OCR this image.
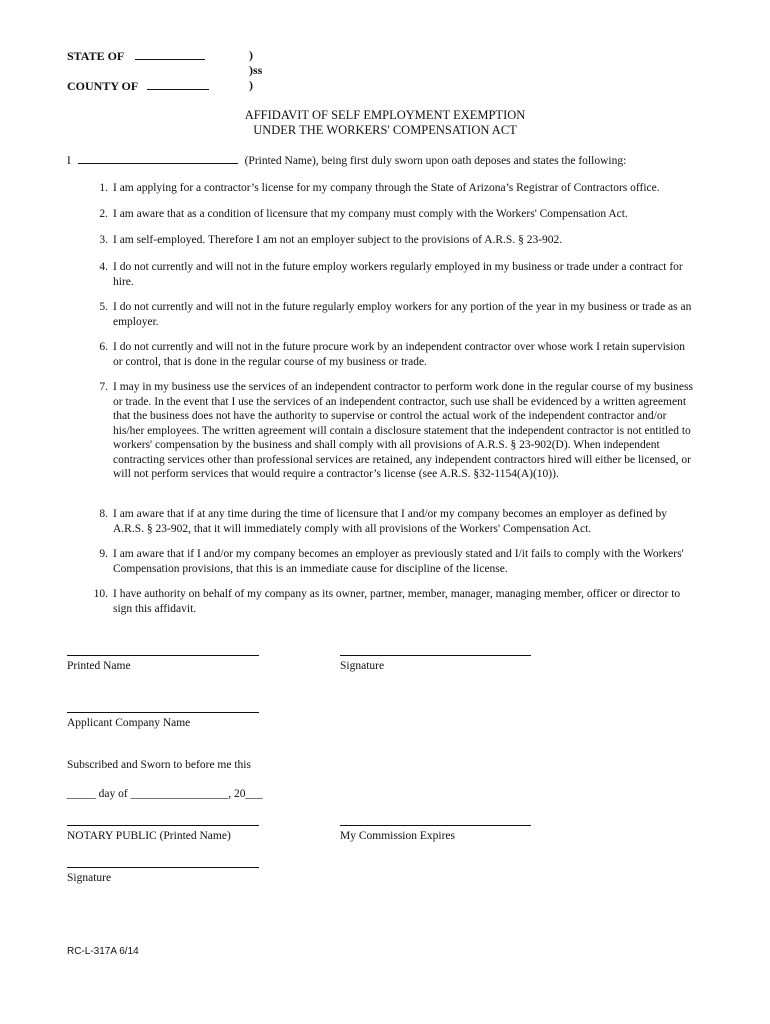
STATE OF
COUNTY OF
)
)ss
)
AFFIDAVIT OF SELF EMPLOYMENT EXEMPTION
UNDER THE WORKERS' COMPENSATION ACT
I	(Printed Name), being first duly sworn upon oath deposes and states the following:
1. I am applying for a contractor’s license for my company through the State of Arizona’s Registrar of Contractors office.
2. I am aware that as a condition of licensure that my company must comply with the Workers' Compensation Act.
3. I am self-employed. Therefore I am not an employer subject to the provisions of A.R.S. § 23-902.
4. I do not currently and will not in the future employ workers regularly employed in my business or trade under a contract for hire.
5. I do not currently and will not in the future regularly employ workers for any portion of the year in my business or trade as an employer.
6. I do not currently and will not in the future procure work by an independent contractor over whose work I retain supervision or control, that is done in the regular course of my business or trade.
7. I may in my business use the services of an independent contractor to perform work done in the regular course of my business or trade. In the event that I use the services of an independent contractor, such use shall be evidenced by a written agreement that the business does not have the authority to supervise or control the actual work of the independent contractor and/or his/her employees. The written agreement will contain a disclosure statement that the independent contractor is not entitled to workers' compensation by the business and shall comply with all provisions of A.R.S. § 23-902(D). When independent contracting services other than professional services are retained, any independent contractors hired will either be licensed, or will not perform services that would require a contractor’s license (see A.R.S. §32-1154(A)(10)).
8. I am aware that if at any time during the time of licensure that I and/or my company becomes an employer as defined by A.R.S. § 23-902, that it will immediately comply with all provisions of the Workers' Compensation Act.
9. I am aware that if I and/or my company becomes an employer as previously stated and I/it fails to comply with the Workers' Compensation provisions, that this is an immediate cause for discipline of the license.
10. I have authority on behalf of my company as its owner, partner, member, manager, managing member, officer or director to sign this affidavit.
Printed Name	Signature
Applicant Company Name
Subscribed and Sworn to before me this
_____ day of _________________, 20___
NOTARY PUBLIC (Printed Name)	My Commission Expires
Signature
RC-L-317A 6/14
